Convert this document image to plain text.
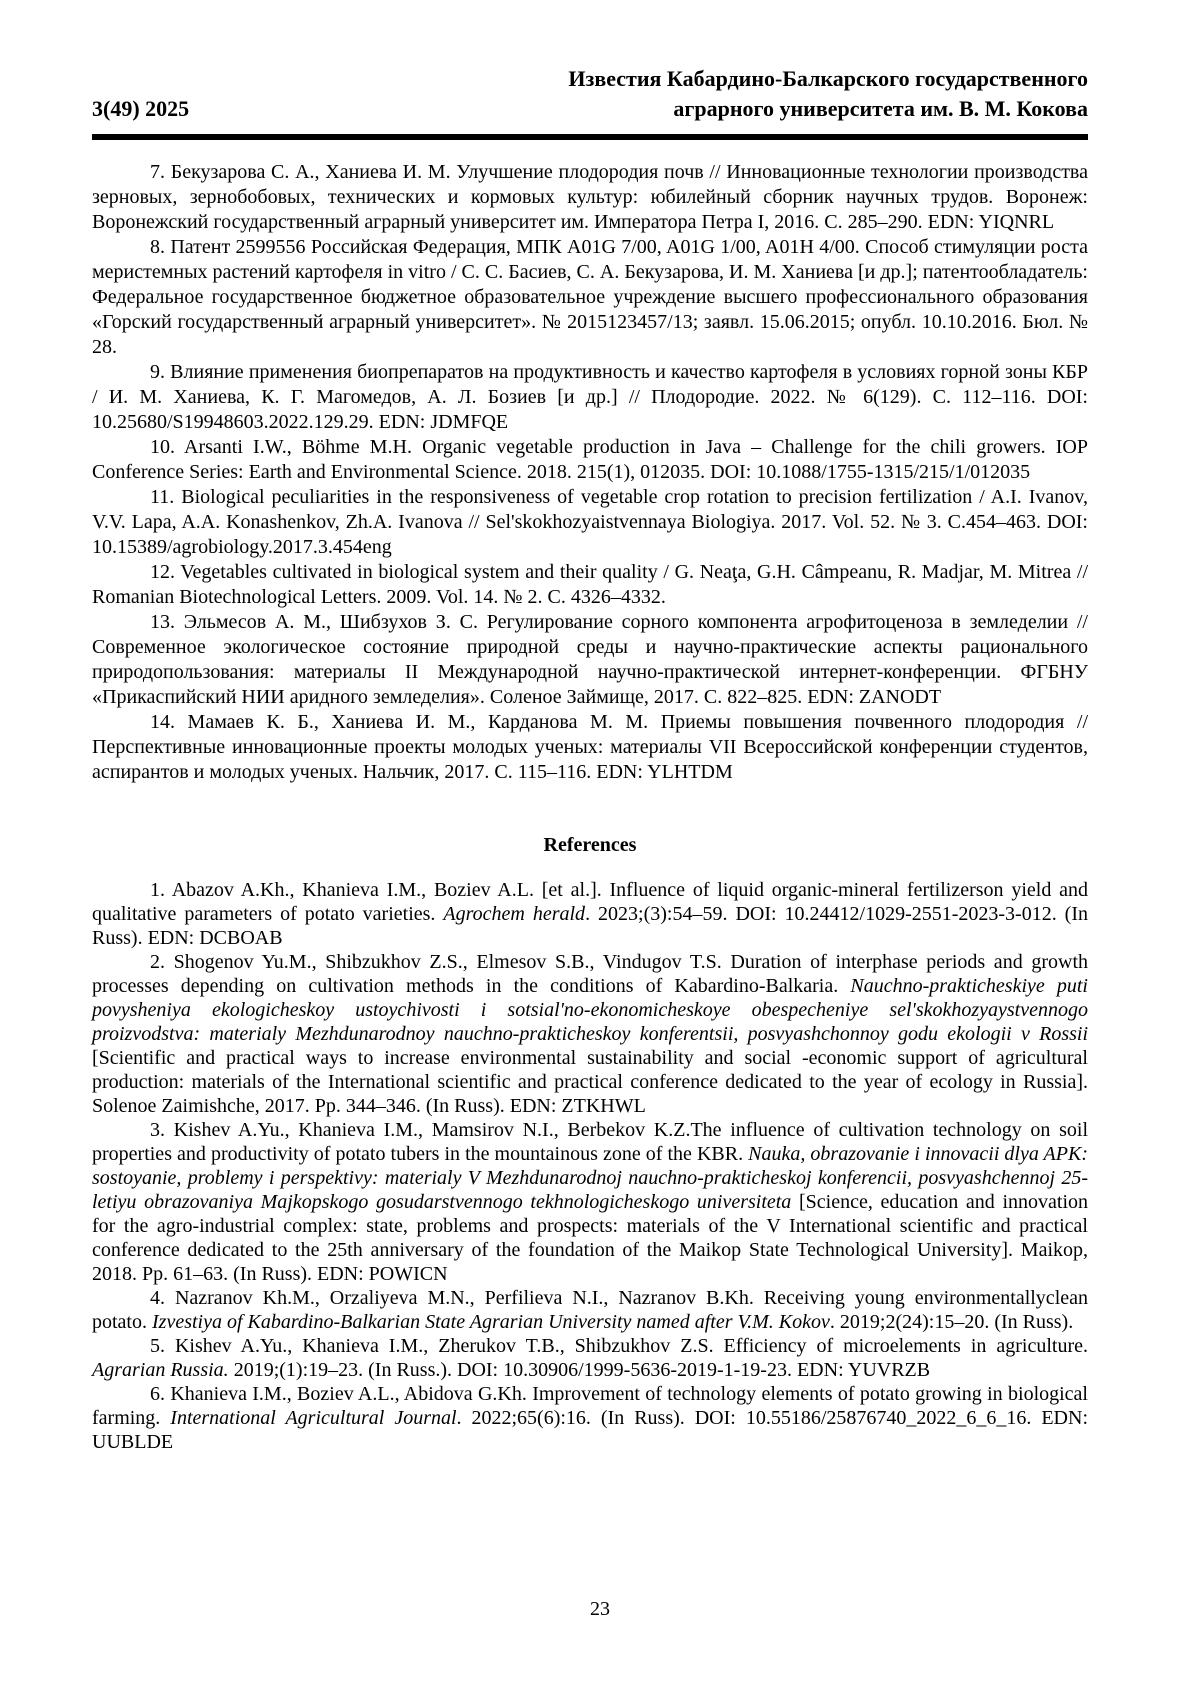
3(49) 2025
Известия Кабардино-Балкарского государственного
аграрного университета им. В. М. Кокова

7. Бекузарова С. А., Ханиева И. М. Улучшение плодородия почв // Инновационные технологии производства зерновых, зернобобовых, технических и кормовых культур: юбилейный сборник научных трудов. Воронеж: Воронежский государственный аграрный университет им. Императора Петра I, 2016. С. 285–290. EDN: YIQNRL

8. Патент 2599556 Российская Федерация, МПК A01G 7/00, A01G 1/00, A01H 4/00. Способ стимуляции роста меристемных растений картофеля in vitro / С. С. Басиев, С. А. Бекузарова, И. М. Ханиева [и др.]; патентообладатель: Федеральное государственное бюджетное образовательное учреждение высшего профессионального образования «Горский государственный аграрный университет». № 2015123457/13; заявл. 15.06.2015; опубл. 10.10.2016. Бюл. № 28.

9. Влияние применения биопрепаратов на продуктивность и качество картофеля в условиях горной зоны КБР / И. М. Ханиева, К. Г. Магомедов, А. Л. Бозиев [и др.] // Плодородие. 2022. № 6(129). С. 112–116. DOI: 10.25680/S19948603.2022.129.29. EDN: JDMFQE

10. Arsanti I.W., Böhme M.H. Organic vegetable production in Java – Challenge for the chili growers. IOP Conference Series: Earth and Environmental Science. 2018. 215(1), 012035. DOI: 10.1088/1755-1315/215/1/012035

11. Biological peculiarities in the responsiveness of vegetable crop rotation to precision fertilization / A.I. Ivanov, V.V. Lapa, A.A. Konashenkov, Zh.A. Ivanova // Sel'skokhozyaistvennaya Biologiya. 2017. Vol. 52. № 3. С.454–463. DOI: 10.15389/agrobiology.2017.3.454eng

12. Vegetables cultivated in biological system and their quality / G. Neaţa, G.H. Câmpeanu, R. Madjar, M. Mitrea // Romanian Biotechnological Letters. 2009. Vol. 14. № 2. С. 4326–4332.

13. Эльмесов А. М., Шибзухов З. С. Регулирование сорного компонента агрофитоценоза в земледелии // Современное экологическое состояние природной среды и научно-практические аспекты рационального природопользования: материалы II Международной научно-практической интернет-конференции. ФГБНУ «Прикаспийский НИИ аридного земледелия». Соленое Займище, 2017. С. 822–825. EDN: ZANODT

14. Мамаев К. Б., Ханиева И. М., Карданова М. М. Приемы повышения почвенного плодородия // Перспективные инновационные проекты молодых ученых: материалы VII Всероссийской конференции студентов, аспирантов и молодых ученых. Нальчик, 2017. С. 115–116. EDN: YLHTDM

References

1. Abazov A.Kh., Khanieva I.M., Boziev A.L. [et al.]. Influence of liquid organic-mineral fertilizerson yield and qualitative parameters of potato varieties. Agrochem herald. 2023;(3):54–59. DOI: 10.24412/1029-2551-2023-3-012. (In Russ). EDN: DCBOAB

2. Shogenov Yu.M., Shibzukhov Z.S., Elmesov S.B., Vindugov T.S. Duration of interphase periods and growth processes depending on cultivation methods in the conditions of Kabardino-Balkaria. Nauchno-prakticheskiye puti povysheniya ekologicheskoy ustoychivosti i sotsial'no-ekonomicheskoye obespecheniye sel'skokhozyaystvennogo proizvodstva: materialy Mezhdunarodnoy nauchno-prakticheskoy konferentsii, posvyashchonnoy godu ekologii v Rossii [Scientific and practical ways to increase environmental sustainability and social -economic support of agricultural production: materials of the International scientific and practical conference dedicated to the year of ecology in Russia]. Solenoe Zaimishche, 2017. Pp. 344–346. (In Russ). EDN: ZTKHWL

3. Kishev A.Yu., Khanieva I.M., Mamsirov N.I., Berbekov K.Z.The influence of cultivation technology on soil properties and productivity of potato tubers in the mountainous zone of the KBR. Nauka, obrazovanie i innovacii dlya APK: sostoyanie, problemy i perspektivy: materialy V Mezhdunarodnoj nauchno-prakticheskoj konferencii, posvyashchennoj 25-letiyu obrazovaniya Majkopskogo gosudarstvennogo tekhnologicheskogo universiteta [Science, education and innovation for the agro-industrial complex: state, problems and prospects: materials of the V International scientific and practical conference dedicated to the 25th anniversary of the foundation of the Maikop State Technological University]. Maikop, 2018. Pp. 61–63. (In Russ). EDN: POWICN

4. Nazranov Kh.M., Orzaliyeva M.N., Perfilieva N.I., Nazranov B.Kh. Receiving young environmentallyclean potato. Izvestiya of Kabardino-Balkarian State Agrarian University named after V.M. Kokov. 2019;2(24):15–20. (In Russ).

5. Kishev A.Yu., Khanieva I.M., Zherukov T.B., Shibzukhov Z.S. Efficiency of microelements in agriculture. Agrarian Russia. 2019;(1):19–23. (In Russ.). DOI: 10.30906/1999-5636-2019-1-19-23. EDN: YUVRZB

6. Khanieva I.M., Boziev A.L., Abidova G.Kh. Improvement of technology elements of potato growing in biological farming. International Agricultural Journal. 2022;65(6):16. (In Russ). DOI: 10.55186/25876740_2022_6_6_16. EDN: UUBLDE

23
